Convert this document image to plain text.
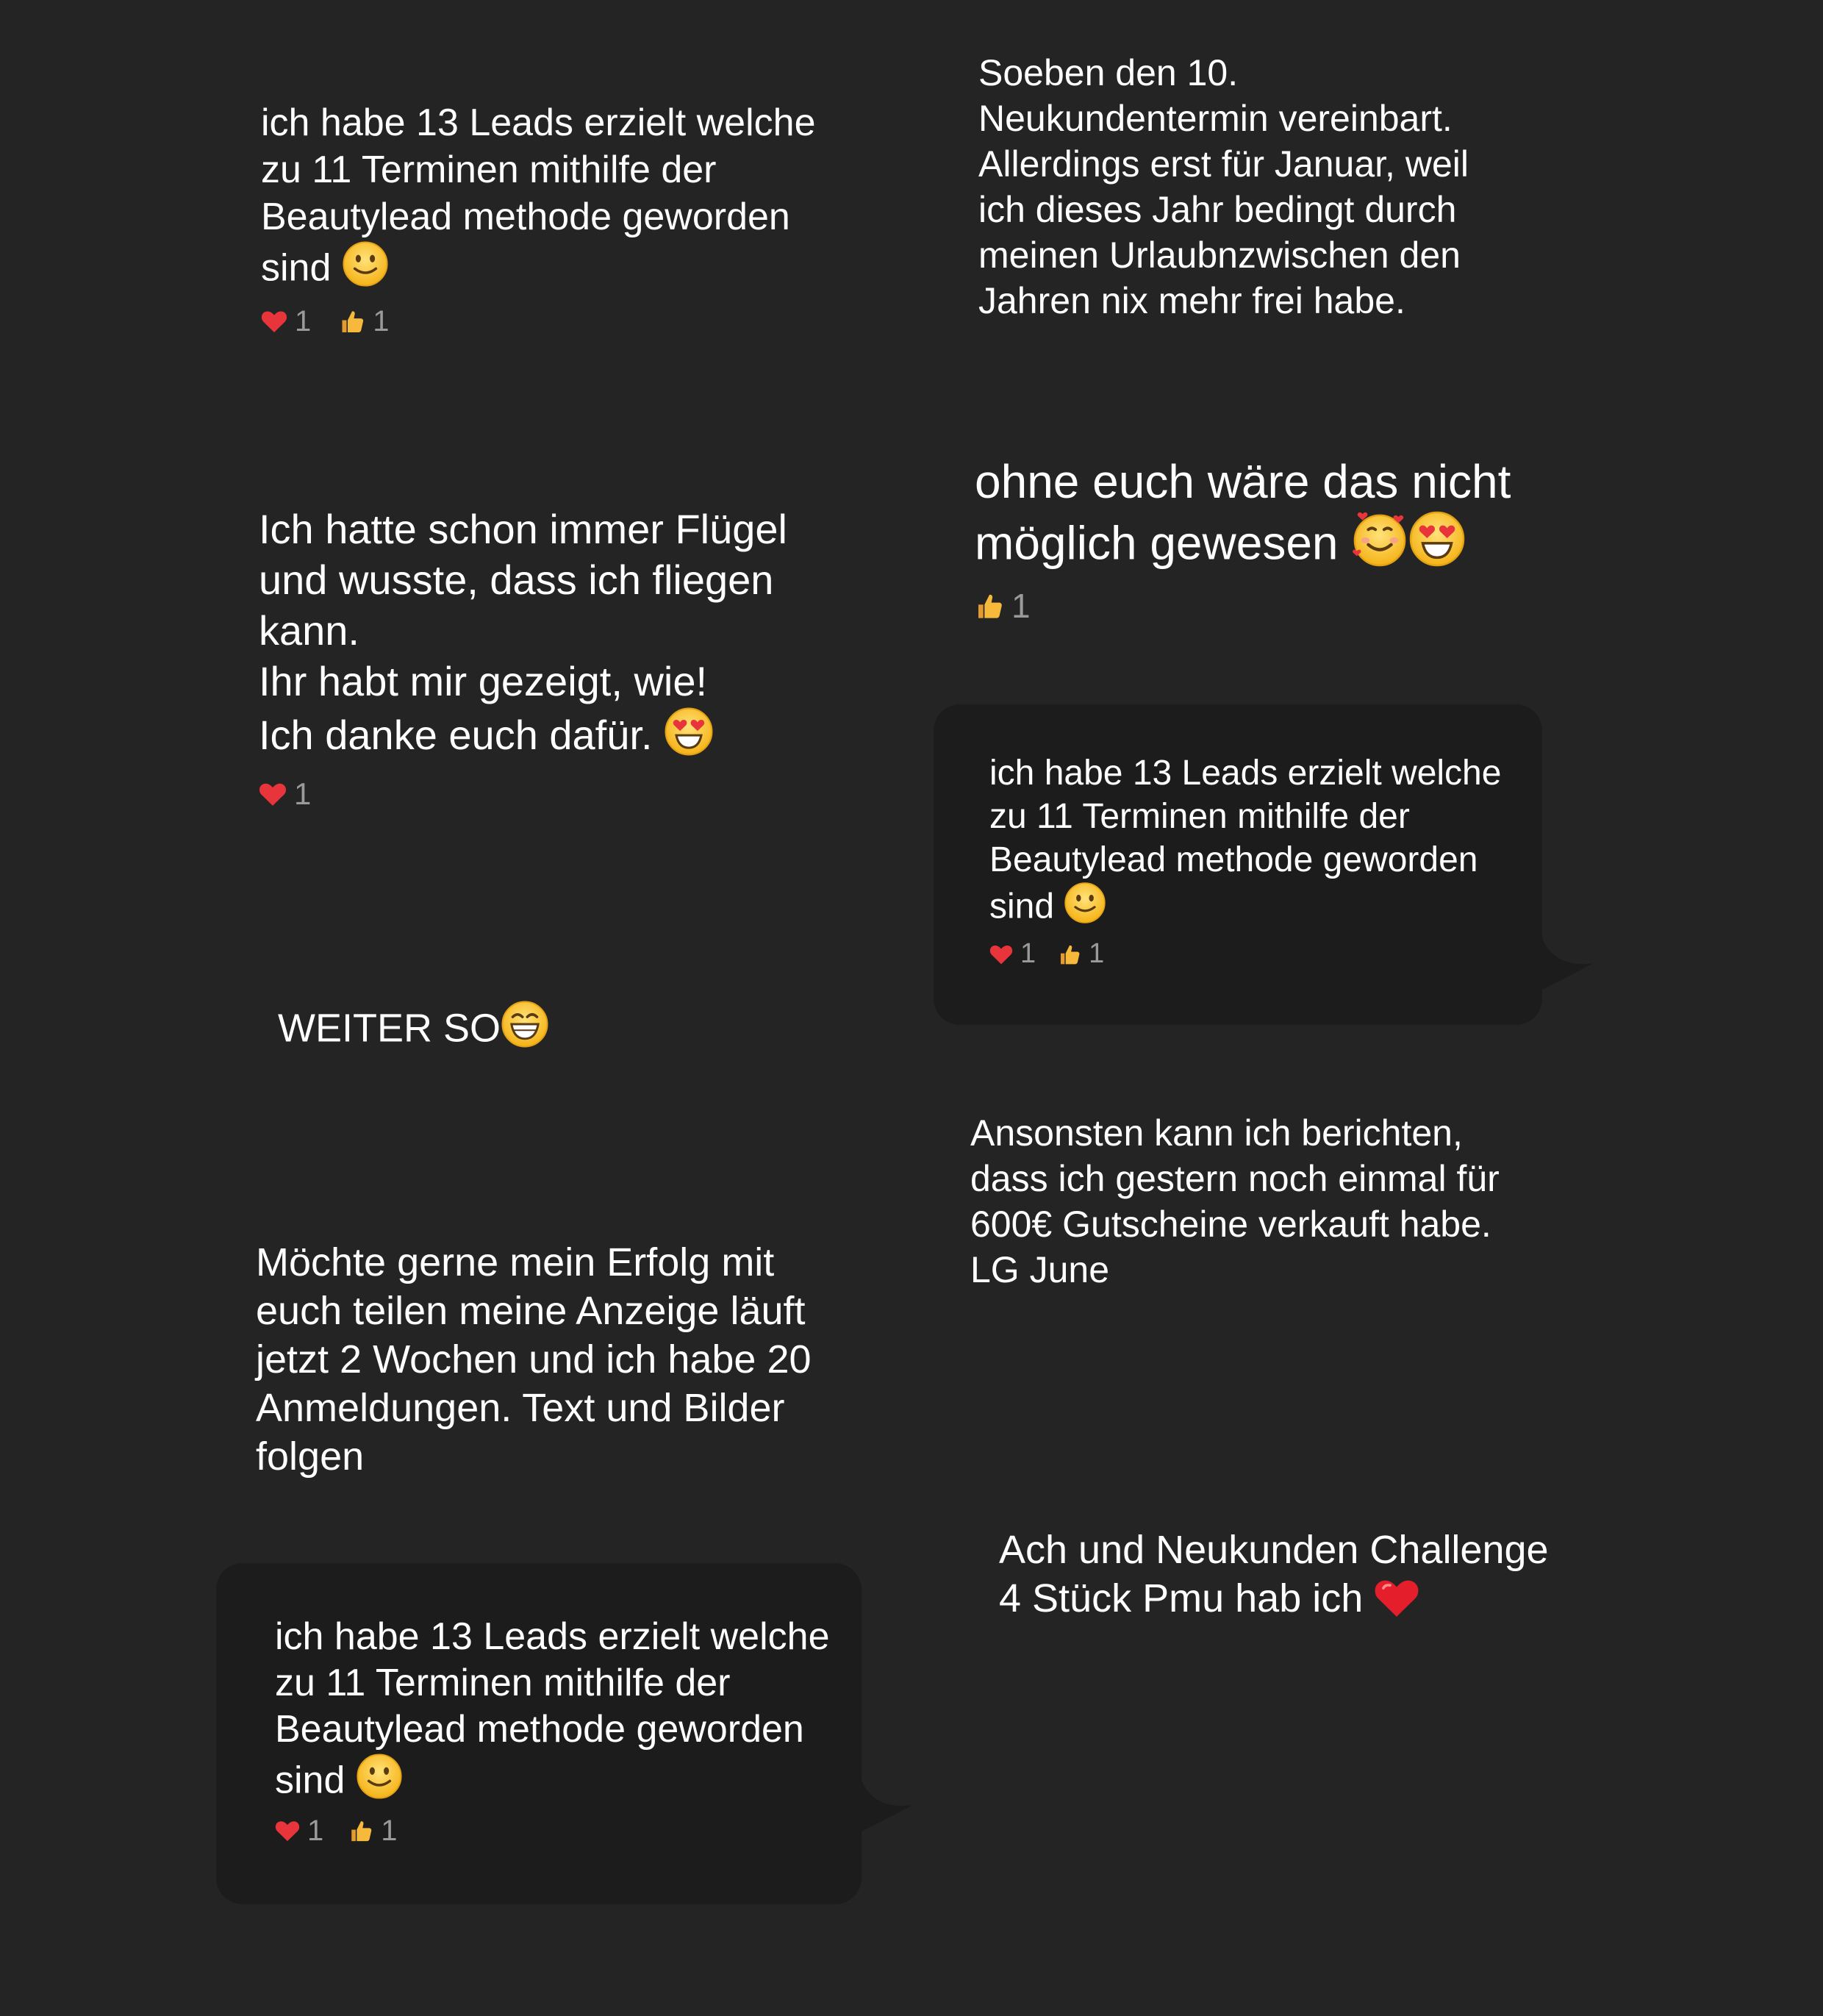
ich habe 13 Leads erzielt welche
zu 11 Terminen mithilfe der
Beautylead methode geworden
sind

1 1

Soeben den 10.
Neukundentermin vereinbart.
Allerdings erst für Januar, weil
ich dieses Jahr bedingt durch
meinen Urlaubnzwischen den
Jahren nix mehr frei habe.

Ich hatte schon immer Flügel
und wusste, dass ich fliegen
kann.
Ihr habt mir gezeigt, wie!
Ich danke euch dafür.

1

ohne euch wäre das nicht
möglich gewesen

1

ich habe 13 Leads erzielt welche
zu 11 Terminen mithilfe der
Beautylead methode geworden
sind

1 1

WEITER SO

Ansonsten kann ich berichten,
dass ich gestern noch einmal für
600€ Gutscheine verkauft habe.
LG June

Möchte gerne mein Erfolg mit
euch teilen meine Anzeige läuft
jetzt 2 Wochen und ich habe 20
Anmeldungen. Text und Bilder
folgen

ich habe 13 Leads erzielt welche
zu 11 Terminen mithilfe der
Beautylead methode geworden
sind

1 1

Ach und Neukunden Challenge
4 Stück Pmu hab ich
